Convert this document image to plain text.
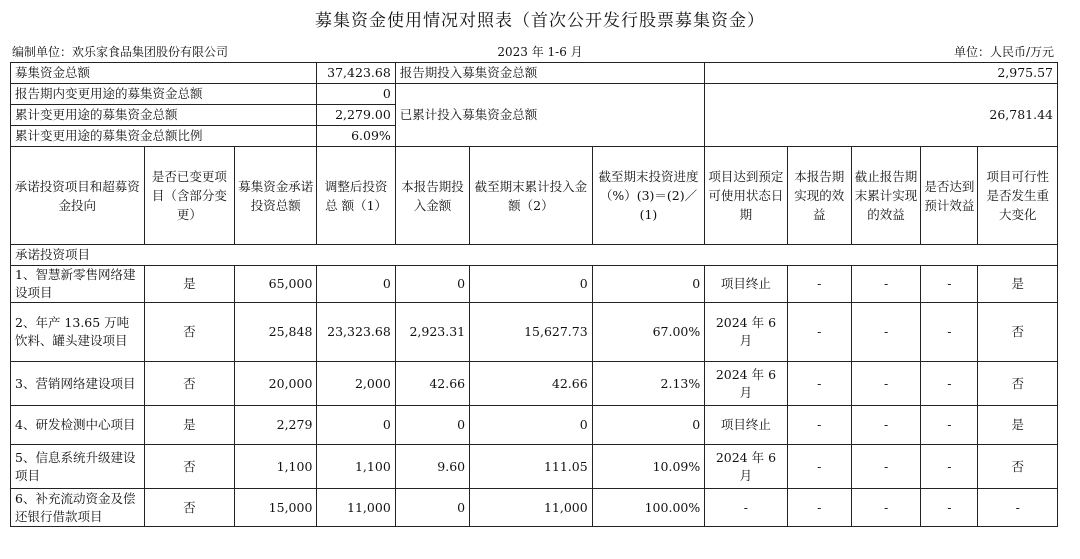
募集资金使用情况对照表（首次公开发行股票募集资金）
编制单位：欢乐家食品集团股份有限公司	2023 年 1-6 月	单位：人民币/万元
募集资金总额			37,423.68	报告期投入募集资金总额			2,975.57				
报告期内变更用途的募集资金总额			0	已累计投入募集资金总额			26,781.44				
累计变更用途的募集资金总额			2,279.00								
累计变更用途的募集资金总额比例			6.09%								
承诺投资项目和超募资金投向	是否已变更项目（含部分变更）	募集资金承诺投资总额	调整后投资 总 额（1）	本报告期投入金额	截至期末累计投入金额（2）	截至期末投资进度（%）(3)＝(2)／(1)	项目达到预定可使用状态日期	本报告期实现的效益	截止报告期末累计实现的效益	是否达到预计效益	项目可行性是否发生重大变化
承诺投资项目											
1、智慧新零售网络建设项目	是	65,000	0	0	0	0	项目终止	-	-	-	是
2、年产 13.65 万吨饮料、罐头建设项目	否	25,848	23,323.68	2,923.31	15,627.73	67.00%	2024 年 6 月	-	-	-	否
3、营销网络建设项目	否	20,000	2,000	42.66	42.66	2.13%	2024 年 6 月	-	-	-	否
4、研发检测中心项目	是	2,279	0	0	0	0	项目终止	-	-	-	是
5、信息系统升级建设项目	否	1,100	1,100	9.60	111.05	10.09%	2024 年 6 月	-	-	-	否
6、补充流动资金及偿还银行借款项目	否	15,000	11,000	0	11,000	100.00%	-	-	-	-	-
